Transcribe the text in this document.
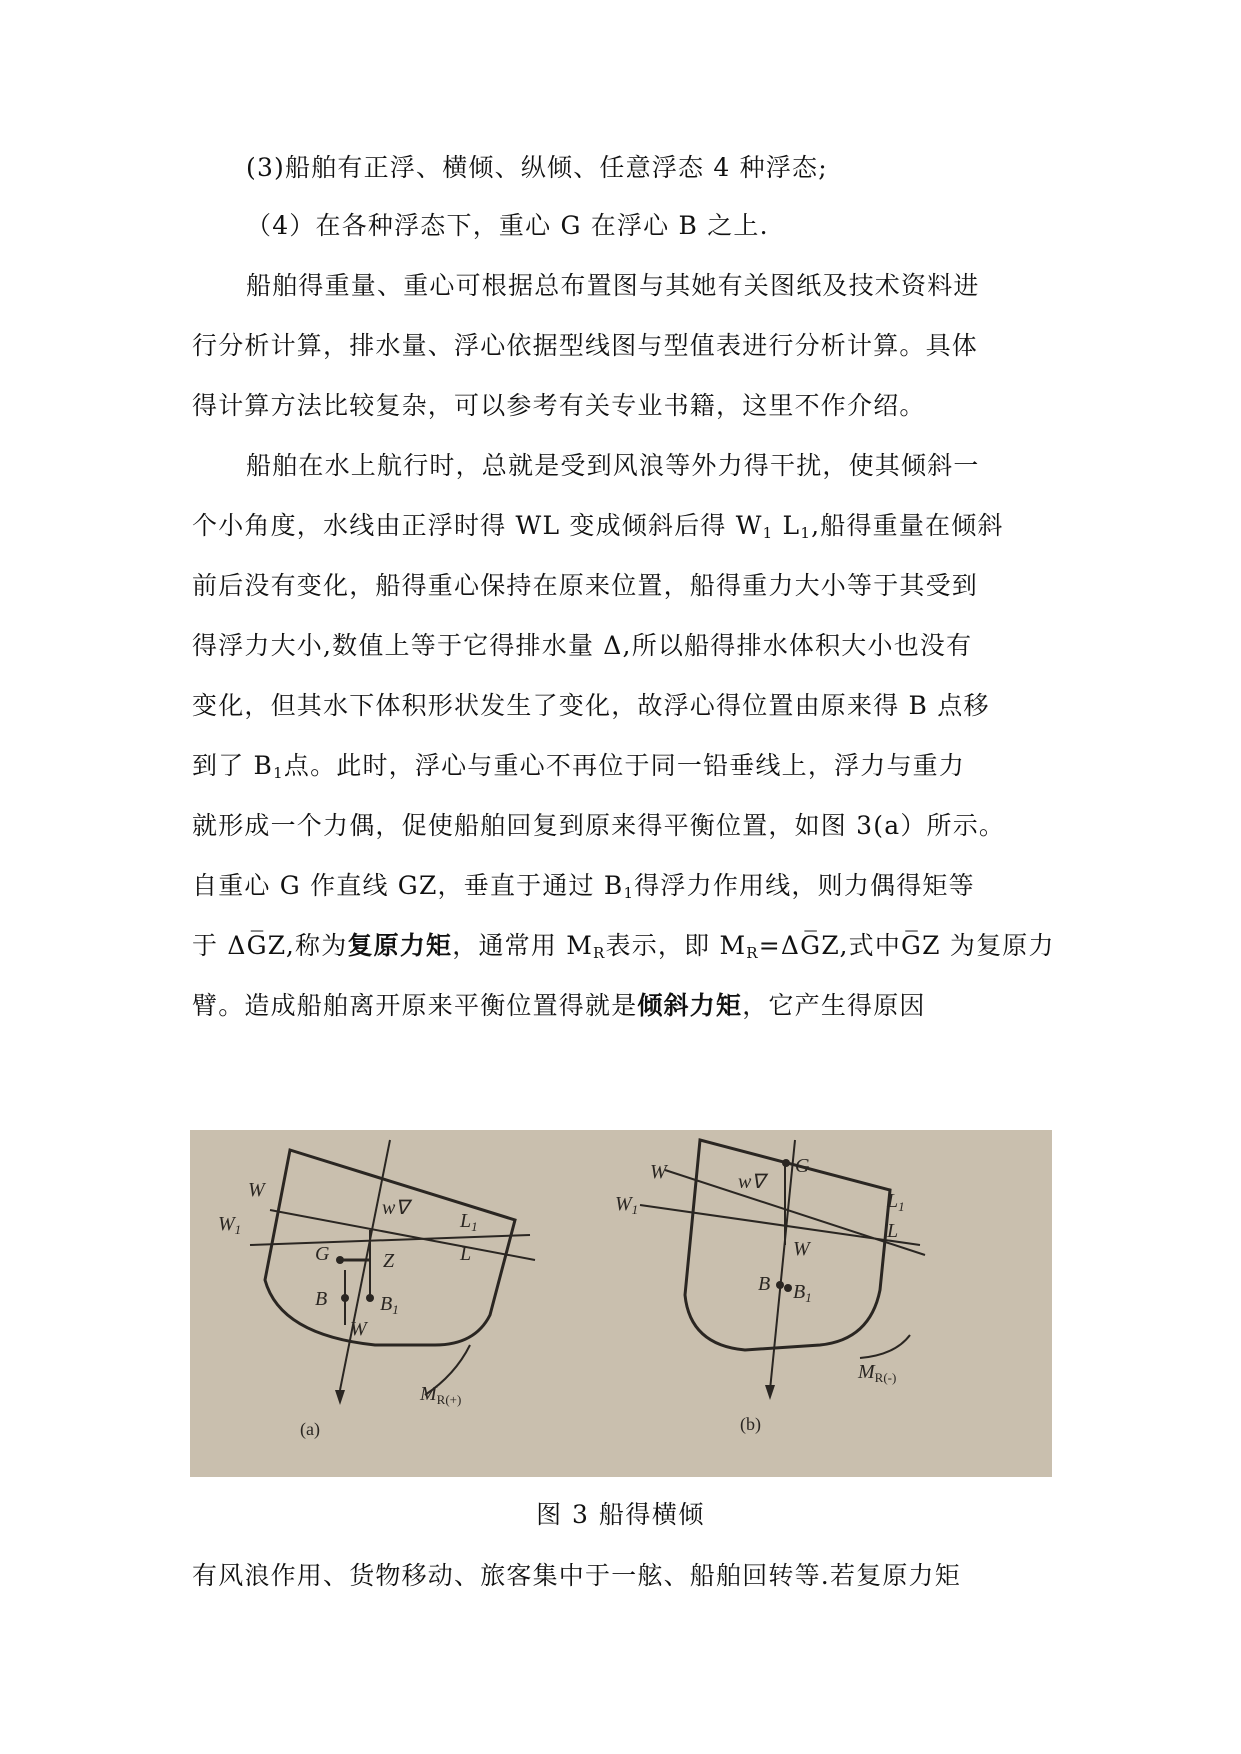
(3)船舶有正浮、横倾、纵倾、任意浮态 4 种浮态;
（4）在各种浮态下，重心 G 在浮心 B 之上.
船舶得重量、重心可根据总布置图与其她有关图纸及技术资料进
行分析计算，排水量、浮心依据型线图与型值表进行分析计算。具体
得计算方法比较复杂，可以参考有关专业书籍，这里不作介绍。
船舶在水上航行时，总就是受到风浪等外力得干扰，使其倾斜一
个小角度，水线由正浮时得 WL 变成倾斜后得 $W_1$ $L_1$,船得重量在倾斜
前后没有变化，船得重心保持在原来位置，船得重力大小等于其受到
得浮力大小,数值上等于它得排水量 Δ,所以船得排水体积大小也没有
变化，但其水下体积形状发生了变化，故浮心得位置由原来得 B 点移
到了 $B_1$点。此时，浮心与重心不再位于同一铅垂线上，浮力与重力
就形成一个力偶，促使船舶回复到原来得平衡位置，如图 3(a）所示。
自重心 G 作直线 GZ，垂直于通过 $B_1$得浮力作用线，则力偶得矩等
于 ΔG̅Z,称为复原力矩，通常用 $M_R$表示，即 $M_R=\Delta G̅Z$,式中G̅Z 为复原力
臂。造成船舶离开原来平衡位置得就是倾斜力矩，它产生得原因
W
$W_1$	$L_1$
L
w∇
G	Z
B	$B_1$
W
$M_{R(+)}$
(a)
W
$W_1$	$L_1$
L
w∇
G
W
B $B_1$
$M_{R(-)}$
(b)
图 3 船得横倾
有风浪作用、货物移动、旅客集中于一舷、船舶回转等.若复原力矩
